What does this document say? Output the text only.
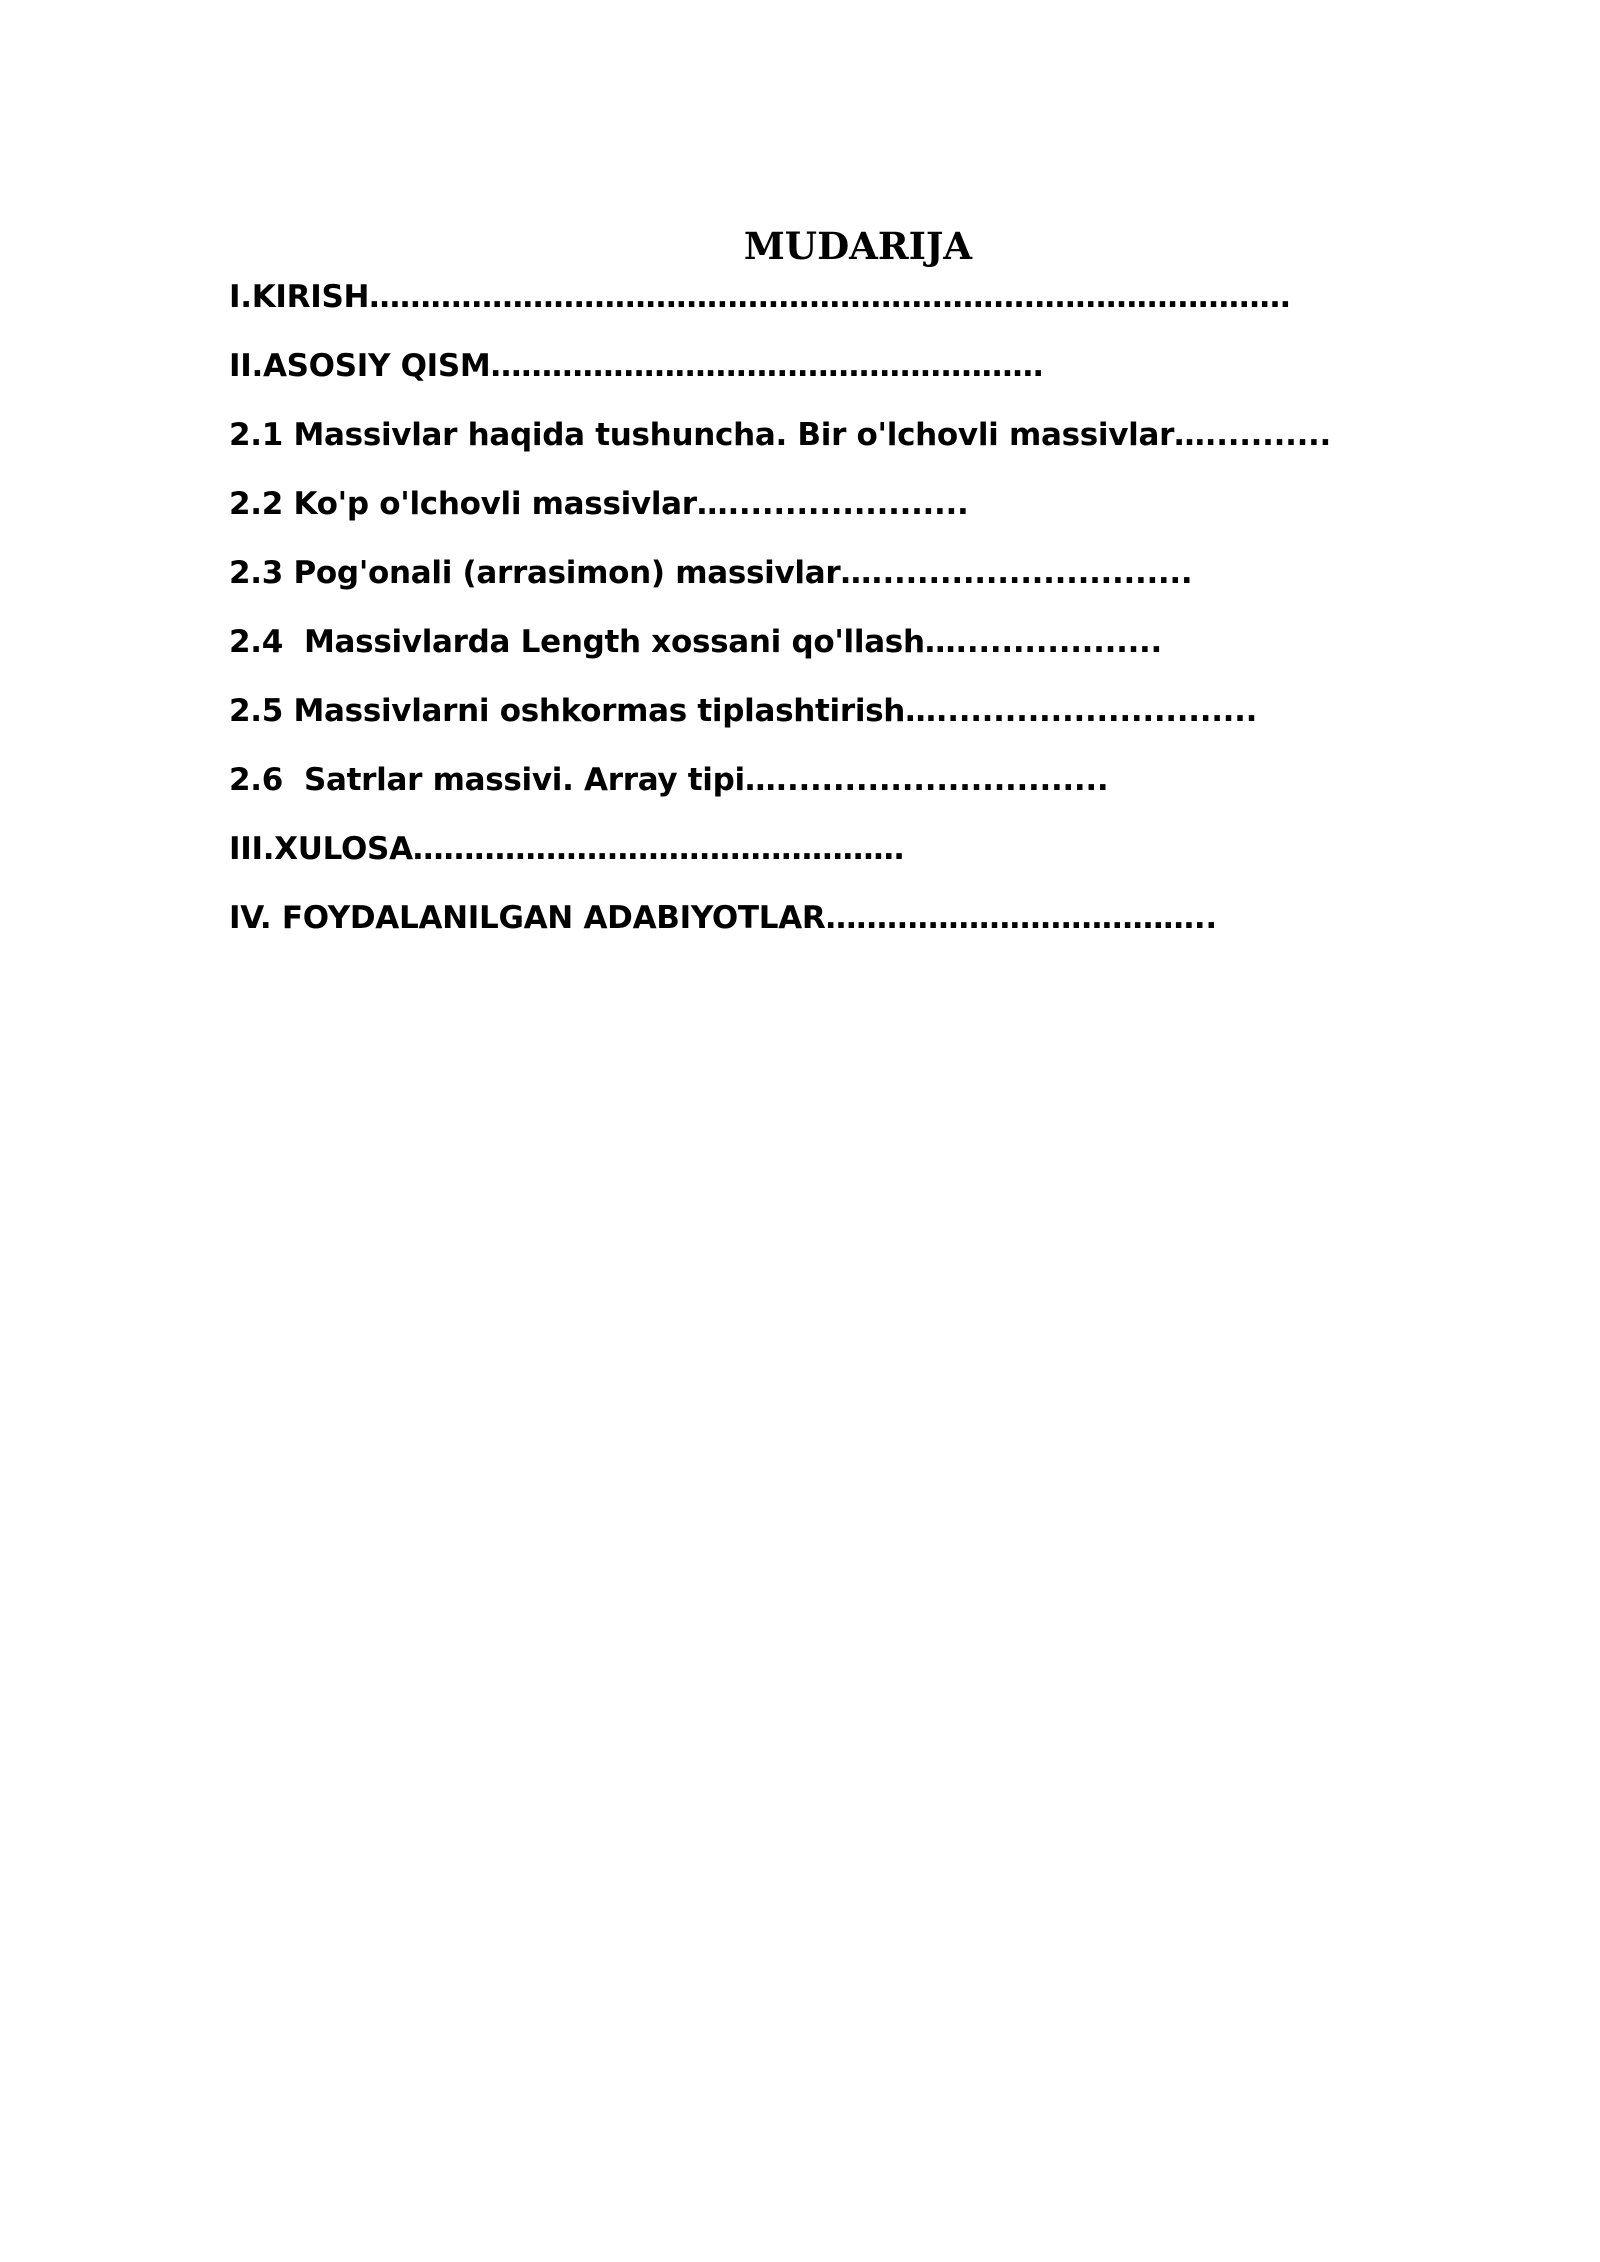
MUDARIJA
I.KIRISH………………………………………………………………………………
II.ASOSIY QISM………………………………………………
2.1 Massivlar haqida tushuncha. Bir o'lchovli massivlar…...........
2.2 Ko'p o'lchovli massivlar….....................
2.3 Pog'onali (arrasimon) massivlar…............................
2.4  Massivlarda Length xossani qo'llash…..................
2.5 Massivlarni oshkormas tiplashtirish…............................
2.6  Satrlar massivi. Array tipi….............................
III.XULOSA…………………………………………
IV. FOYDALANILGAN ADABIYOTLAR………………………………..
